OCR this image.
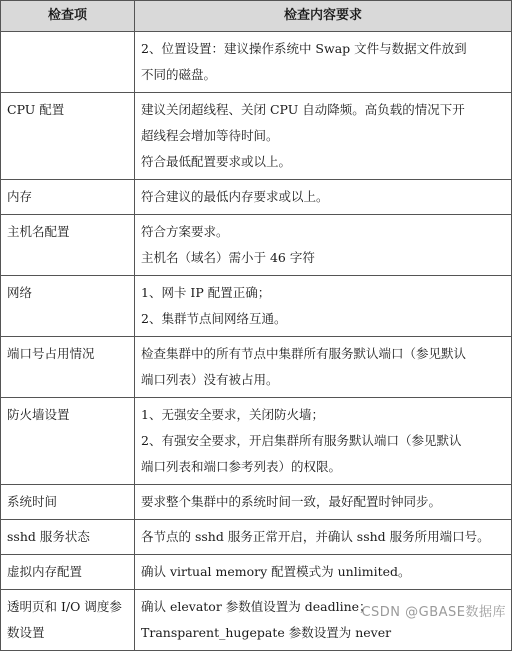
检查项	检查内容要求

	2、位置设置：建议操作系统中 Swap 文件与数据文件放到
不同的磁盘。

CPU 配置	建议关闭超线程、关闭 CPU 自动降频。高负载的情况下开
超线程会增加等待时间。
符合最低配置要求或以上。

内存	符合建议的最低内存要求或以上。

主机名配置	符合方案要求。
主机名（域名）需小于 46 字符

网络	1、网卡 IP 配置正确；
2、集群节点间网络互通。

端口号占用情况	检查集群中的所有节点中集群所有服务默认端口（参见默认
端口列表）没有被占用。

防火墙设置	1、无强安全要求，关闭防火墙；
2、有强安全要求，开启集群所有服务默认端口（参见默认
端口列表和端口参考列表）的权限。

系统时间	要求整个集群中的系统时间一致，最好配置时钟同步。

sshd 服务状态	各节点的 sshd 服务正常开启，并确认 sshd 服务所用端口号。

虚拟内存配置	确认 virtual memory 配置模式为 unlimited。

透明页和 I/O 调度参数设置	确认 elevator 参数值设置为 deadline；
Transparent_hugepate 参数设置为 never
CSDN @GBASE数据库
